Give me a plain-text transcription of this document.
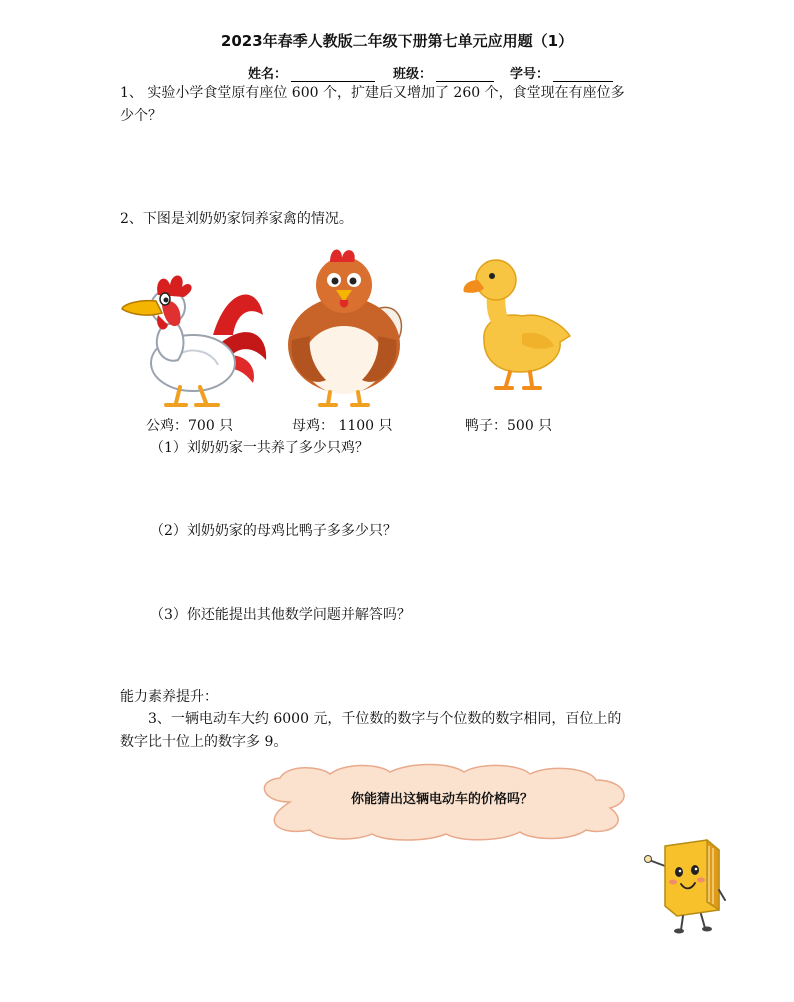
2023年春季人教版二年级下册第七单元应用题（1）
姓名：	班级：	学号：
1、 实验小学食堂原有座位 600 个，扩建后又增加了 260 个，食堂现在有座位多
少个？
2、下图是刘奶奶家饲养家禽的情况。
公鸡：700 只	母鸡： 1100 只	鸭子：500 只
（1）刘奶奶家一共养了多少只鸡？
（2）刘奶奶家的母鸡比鸭子多多少只？
（3）你还能提出其他数学问题并解答吗？
能力素养提升：
3、一辆电动车大约 6000 元，千位数的数字与个位数的数字相同，百位上的
数字比十位上的数字多 9。
你能猜出这辆电动车的价格吗？
